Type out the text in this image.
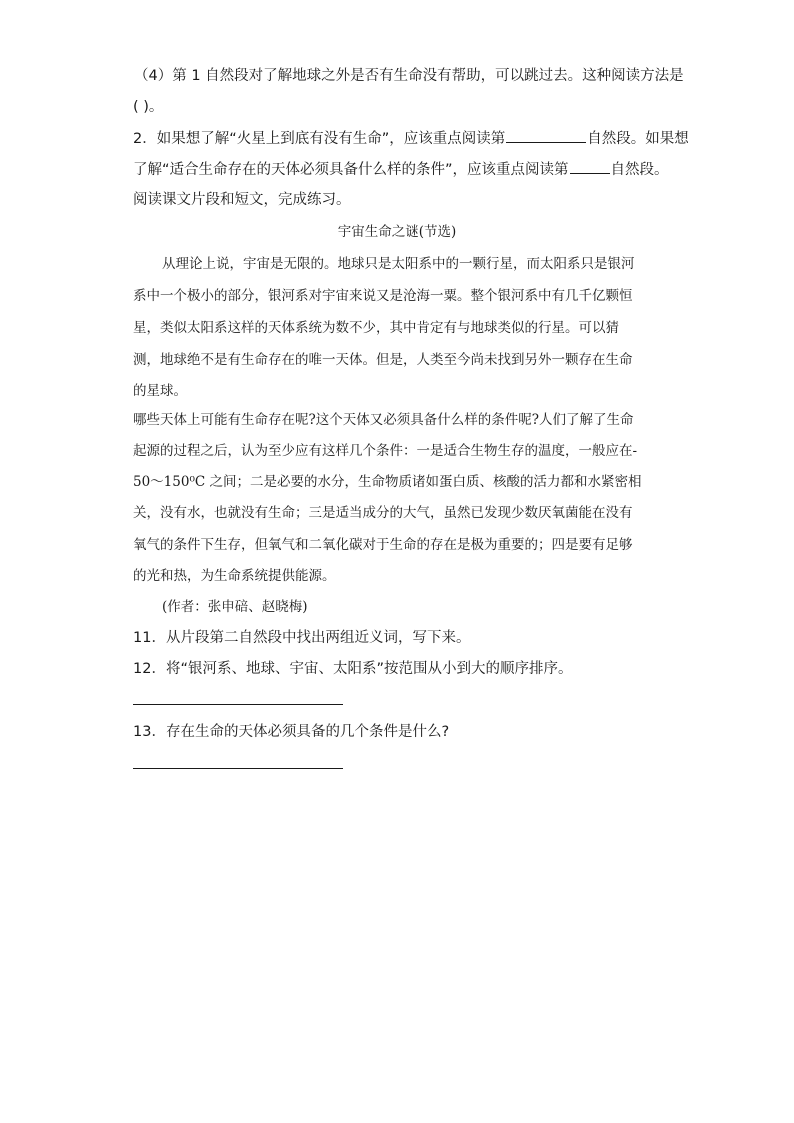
（4）第 1 自然段对了解地球之外是否有生命没有帮助，可以跳过去。这种阅读方法是
( )。
2．如果想了解“火星上到底有没有生命”，应该重点阅读第	自然段。如果想
了解“适合生命存在的天体必须具备什么样的条件”，应该重点阅读第	自然段。
阅读课文片段和短文，完成练习。
宇宙生命之谜(节选)
从理论上说，宇宙是无限的。地球只是太阳系中的一颗行星，而太阳系只是银河
系中一个极小的部分，银河系对宇宙来说又是沧海一粟。整个银河系中有几千亿颗恒
星，类似太阳系这样的天体系统为数不少，其中肯定有与地球类似的行星。可以猜
测，地球绝不是有生命存在的唯一天体。但是，人类至今尚未找到另外一颗存在生命
的星球。
哪些天体上可能有生命存在呢?这个天体又必须具备什么样的条件呢?人们了解了生命
起源的过程之后，认为至少应有这样几个条件：一是适合生物生存的温度，一般应在-
50～150⁰C 之间；二是必要的水分，生命物质诸如蛋白质、核酸的活力都和水紧密相
关，没有水，也就没有生命；三是适当成分的大气，虽然已发现少数厌氧菌能在没有
氧气的条件下生存，但氧气和二氧化碳对于生命的存在是极为重要的；四是要有足够
的光和热，为生命系统提供能源。
(作者：张申碚、赵晓梅)
11．从片段第二自然段中找出两组近义词，写下来。
12．将“银河系、地球、宇宙、太阳系”按范围从小到大的顺序排序。
13．存在生命的天体必须具备的几个条件是什么?
